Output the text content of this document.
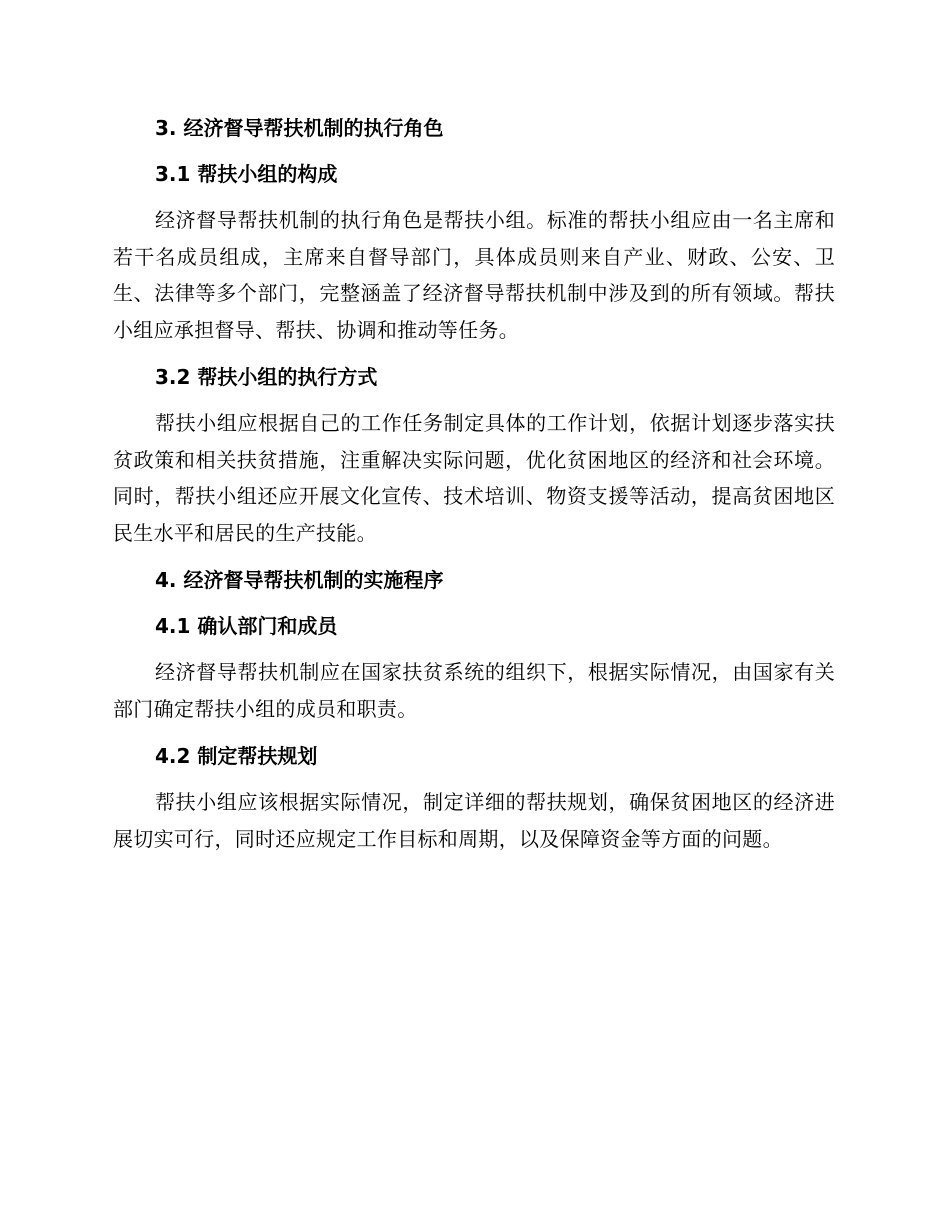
3. 经济督导帮扶机制的执行角色
3.1 帮扶小组的构成

经济督导帮扶机制的执行角色是帮扶小组。标准的帮扶小组应由一名主席和若干名成员组成，主席来自督导部门，具体成员则来自产业、财政、公安、卫生、法律等多个部门，完整涵盖了经济督导帮扶机制中涉及到的所有领域。帮扶小组应承担督导、帮扶、协调和推动等任务。

3.2 帮扶小组的执行方式

帮扶小组应根据自己的工作任务制定具体的工作计划，依据计划逐步落实扶贫政策和相关扶贫措施，注重解决实际问题，优化贫困地区的经济和社会环境。同时，帮扶小组还应开展文化宣传、技术培训、物资支援等活动，提高贫困地区民生水平和居民的生产技能。

4. 经济督导帮扶机制的实施程序
4.1 确认部门和成员

经济督导帮扶机制应在国家扶贫系统的组织下，根据实际情况，由国家有关部门确定帮扶小组的成员和职责。

4.2 制定帮扶规划

帮扶小组应该根据实际情况，制定详细的帮扶规划，确保贫困地区的经济进展切实可行，同时还应规定工作目标和周期，以及保障资金等方面的问题。
